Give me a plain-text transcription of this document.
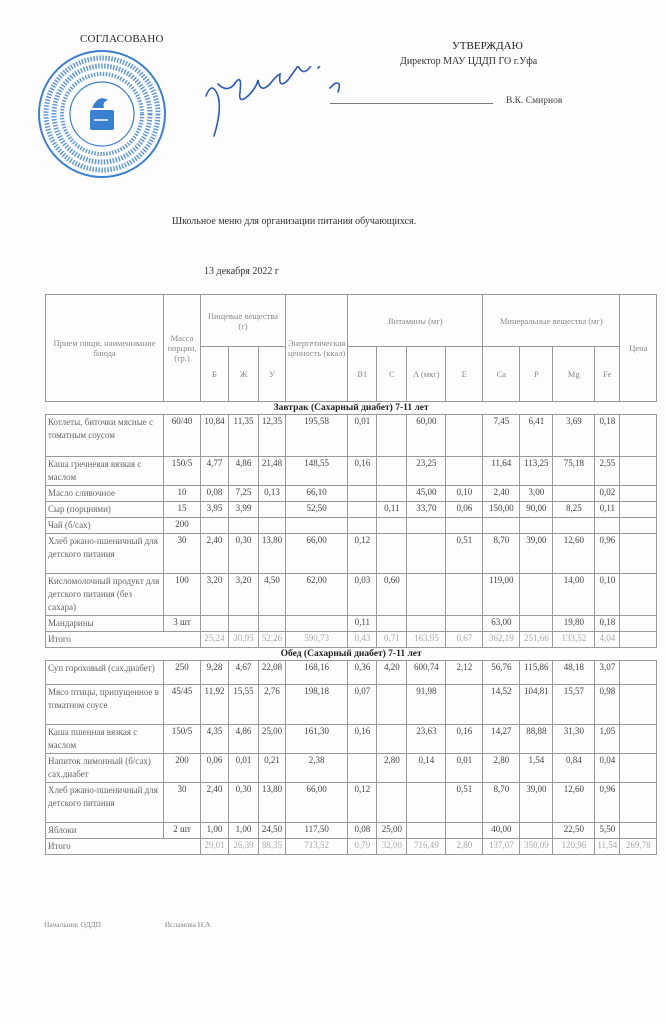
СОГЛАСОВАНО
УТВЕРЖДАЮ
Директор МАУ ЦДДП ГО г.Уфа
В.К. Смирнов
Школьное меню для организации питания обучающихся.
13 декабря 2022 г
Прием пищи, наименование блюда	Масса порции, (гр.)	Пищевые вещества (г)			Энергетическая ценность (ккал)	Витамины (мг)				Минеральные вещества (мг)				Цена
		Б	Ж	У		B1	C	A (мкг)	E	Ca	P	Mg	Fe	
Завтрак (Сахарный диабет) 7-11 лет														
Котлеты, биточки мясные с томатным соусом	60/40	10,84	11,35	12,35	195,58	0,01		60,00		7,45	6,41	3,69	0,18	
Каша гречневая вязкая с маслом	150/5	4,77	4,86	21,48	148,55	0,16		23,25		11,64	113,25	75,18	2,55	
Масло сливочное	10	0,08	7,25	0,13	66,10			45,00	0,10	2,40	3,00		0,02	
Сыр (порциями)	15	3,95	3,99		52,50		0,11	33,70	0,06	150,00	90,00	8,25	0,11	
Чай (б/сах)	200													
Хлеб ржано-пшеничный для детского питания	30	2,40	0,30	13,80	66,00	0,12			0,51	8,70	39,00	12,60	0,96	
Кисломолочный продукт для детского питания (без сахара)	100	3,20	3,20	4,50	62,00	0,03	0,60			119,00		14,00	0,10	
Мандарины	3 шт					0,11				63,00		19,80	0,18	
Итого		25,24	30,95	52,26	590,73	0,43	0,71	163,95	0,67	362,19	251,66	133,52	4,04	
Обед (Сахарный диабет) 7-11 лет														
Суп гороховый (сах.диабет)	250	9,28	4,67	22,08	168,16	0,36	4,20	600,74	2,12	56,76	115,86	48,18	3,07	
Мясо птицы, припущенное в томатном соусе	45/45	11,92	15,55	2,76	198,18	0,07		91,98		14,52	104,81	15,57	0,98	
Каша пшенная вязкая с маслом	150/5	4,35	4,86	25,00	161,30	0,16		23,63	0,16	14,27	88,88	31,30	1,05	
Напиток лимонный (б/сах) сах.диабет	200	0,06	0,01	0,21	2,38		2,80	0,14	0,01	2,80	1,54	0,84	0,04	
Хлеб ржано-пшеничный для детского питания	30	2,40	0,30	13,80	66,00	0,12			0,51	8,70	39,00	12,60	0,96	
Яблоки	2 шт	1,00	1,00	24,50	117,50	0,08	25,00			40,00		22,50	5,50	
Итого		29,01	26,39	88,35	713,52	0,79	32,00	716,49	2,80	137,07	350,09	120,96	11,54	269,78
Начальник ОДДП	Исламова Н.А
